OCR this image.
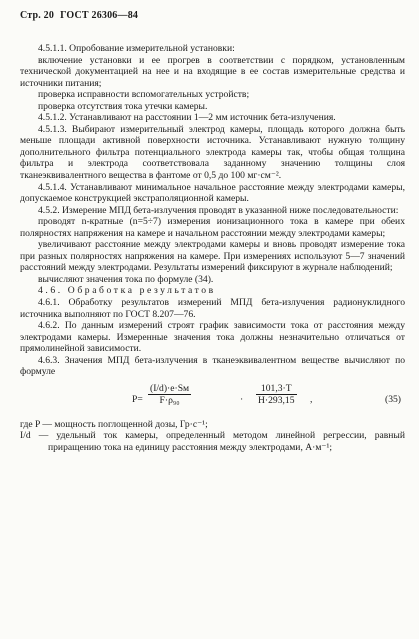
Стр. 20 ГОСТ 26306—84

4.5.1.1. Опробование измерительной установки:

включение установки и ее прогрев в соответствии с порядком, установленным технической документацией на нее и на входящие в ее состав измерительные средства и источники питания;

проверка исправности вспомогательных устройств;

проверка отсутствия тока утечки камеры.

4.5.1.2. Устанавливают на расстоянии 1—2 мм источник бета-излучения.

4.5.1.3. Выбирают измерительный электрод камеры, площадь которого должна быть меньше площади активной поверхности источника. Устанавливают нужную толщину дополнительного фильтра потенциального электрода камеры так, чтобы общая толщина фильтра и электрода соответствовала заданному значению толщины слоя тканеэквивалентного вещества в фантоме от 0,5 до 100 мг·см⁻².

4.5.1.4. Устанавливают минимальное начальное расстояние между электродами камеры, допускаемое конструкцией экстраполяционной камеры.

4.5.2. Измерение МПД бета-излучения проводят в указанной ниже последовательности:

проводят n-кратные (n=5÷7) измерения ионизационного тока в камере при обеих полярностях напряжения на камере и начальном расстоянии между электродами камеры;

увеличивают расстояние между электродами камеры и вновь проводят измерение тока при разных полярностях напряжения на камере. При измерениях используют 5—7 значений расстояний между электродами. Результаты измерений фиксируют в журнале наблюдений;

вычисляют значения тока по формуле (34).

4.6. Обработка результатов

4.6.1. Обработку результатов измерений МПД бета-излучения радионуклидного источника выполняют по ГОСТ 8.207—76.

4.6.2. По данным измерений строят график зависимости тока от расстояния между электродами камеры. Измеренные значения тока должны незначительно отличаться от прямолинейной зависимости.

4.6.3. Значения МПД бета-излучения в тканеэквивалентном веществе вычисляют по формуле

P=
(I/d)·e·Sм
F·ρ₉₀	· $\frac{101,3\cdot T}{H\cdot 293,15}$ ,	(35)

где P — мощность поглощенной дозы, Гр·с⁻¹;

I/d — удельный ток камеры, определенный методом линейной регрессии, равный приращению тока на единицу расстояния между электродами, А·м⁻¹;
